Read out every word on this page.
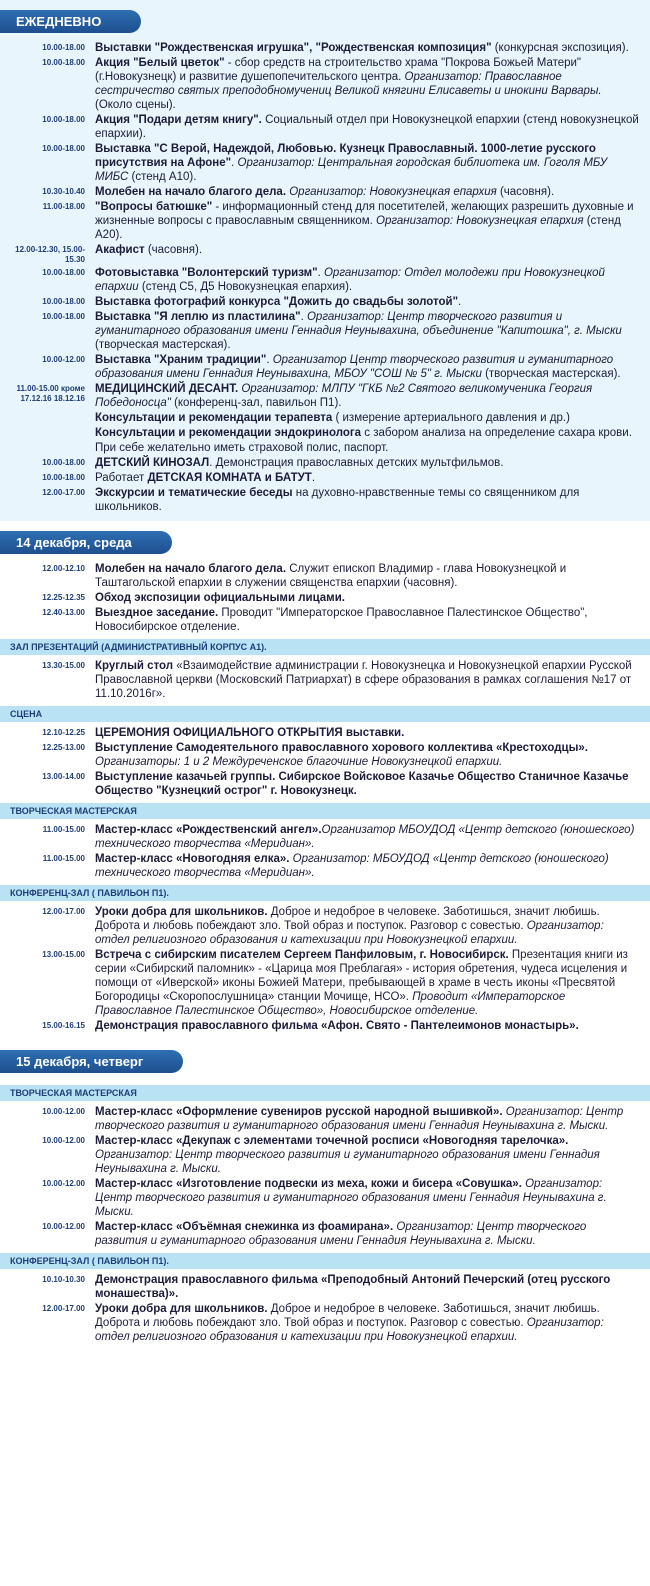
ЕЖЕДНЕВНО
10.00-18.00 Выставки "Рождественская игрушка", "Рождественская композиция" (конкурсная экспозиция).
10.00-18.00 Акция "Белый цветок" - сбор средств на строительство храма "Покрова Божьей Матери" (г.Новокузнецк) и развитие душепопечительского центра. Организатор: Православное сестричество святых преподобномучениц Великой княгини Елисаветы и инокини Варвары. (Около сцены).
10.00-18.00 Акция "Подари детям книгу". Социальный отдел при Новокузнецкой епархии (стенд новокузнецкой епархии).
10.00-18.00 Выставка "С Верой, Надеждой, Любовью. Кузнецк Православный. 1000-летие русского присутствия на Афоне". Организатор: Центральная городская библиотека им. Гоголя МБУ МИБС (стенд А10).
10.30-10.40 Молебен на начало благого дела. Организатор: Новокузнецкая епархия (часовня).
11.00-18.00 "Вопросы батюшке" - информационный стенд для посетителей, желающих разрешить духовные и жизненные вопросы с православным священником. Организатор: Новокузнецкая епархия (стенд А20).
12.00-12.30, 15.00-15.30
Акафист (часовня).
10.00-18.00 Фотовыставка "Волонтерский туризм". Организатор: Отдел молодежи при Новокузнецкой епархии (стенд С5, Д5 Новокузнецкая епархия).
10.00-18.00 Выставка фотографий конкурса "Дожить до свадьбы золотой".
10.00-18.00 Выставка "Я леплю из пластилина". Организатор: Центр творческого развития и гуманитарного образования имени Геннадия Неунывахина, объединение "Капитошка", г. Мыски (творческая мастерская).
10.00-12.00 Выставка "Храним традиции". Организатор Центр творческого развития и гуманитарного образования имени Геннадия Неунывахина, МБОУ "СОШ № 5" г. Мыски (творческая мастерская).
11.00-15.00 кроме 17.12.16 18.12.16
МЕДИЦИНСКИЙ ДЕСАНТ. Организатор: МЛПУ "ГКБ №2 Святого великомученика Георгия Победоносца" (конференц-зал, павильон П1).
Консультации и рекомендации терапевта ( измерение артериального давления и др.)
Консультации и рекомендации эндокринолога с забором анализа на определение сахара крови.
При себе желательно иметь страховой полис, паспорт.
10.00-18.00 ДЕТСКИЙ КИНОЗАЛ. Демонстрация православных детских мультфильмов.
10.00-18.00 Работает ДЕТСКАЯ КОМНАТА и БАТУТ.
12.00-17.00 Экскурсии и тематические беседы на духовно-нравственные темы со священником для школьников.
14 декабря, среда
12.00-12.10 Молебен на начало благого дела. Служит епископ Владимир - глава Новокузнецкой и Таштагольской епархии в служении священства епархии (часовня).
12.25-12.35 Обход экспозиции официальными лицами.
12.40-13.00 Выездное заседание. Проводит "Императорское Православное Палестинское Общество", Новосибирское отделение.
ЗАЛ ПРЕЗЕНТАЦИЙ (АДМИНИСТРАТИВНЫЙ КОРПУС А1).
13.30-15.00 Круглый стол «Взаимодействие администрации г. Новокузнецка и Новокузнецкой епархии Русской Православной церкви (Московский Патриархат) в сфере образования в рамках соглашения №17 от 11.10.2016г».
СЦЕНА
12.10-12.25 ЦЕРЕМОНИЯ ОФИЦИАЛЬНОГО ОТКРЫТИЯ выставки.
12.25-13.00 Выступление Самодеятельного православного хорового коллектива «Крестоходцы». Организаторы: 1 и 2 Междуреченское благочиние Новокузнецкой епархии.
13.00-14.00 Выступление казачьей группы. Сибирское Войсковое Казачье Общество Станичное Казачье Общество "Кузнецкий острог" г. Новокузнецк.
ТВОРЧЕСКАЯ МАСТЕРСКАЯ
11.00-15.00 Мастер-класс «Рождественский ангел».Организатор МБОУДОД «Центр детского (юношеского) технического творчества «Меридиан».
11.00-15.00 Мастер-класс «Новогодняя елка». Организатор: МБОУДОД «Центр детского (юношеского) технического творчества «Меридиан».
КОНФЕРЕНЦ-ЗАЛ ( ПАВИЛЬОН П1).
12.00-17.00 Уроки добра для школьников. Доброе и недоброе в человеке. Заботишься, значит любишь. Доброта и любовь побеждают зло. Твой образ и поступок. Разговор с совестью. Организатор: отдел религиозного образования и катехизации при Новокузнецкой епархии.
13.00-15.00 Встреча с сибирским писателем Сергеем Панфиловым, г. Новосибирск. Презентация книги из серии «Сибирский паломник» - «Царица моя Преблагая» - история обретения, чудеса исцеления и помощи от «Иверской» иконы Божией Матери, пребывающей в храме в честь иконы «Пресвятой Богородицы «Скоропослушница» станции Мочище, НСО». Проводит «Императорское Православное Палестинское Общество», Новосибирское отделение.
15.00-16.15 Демонстрация православного фильма «Афон. Свято - Пантелеимонов монастырь».
15 декабря, четверг
ТВОРЧЕСКАЯ МАСТЕРСКАЯ
10.00-12.00 Мастер-класс «Оформление сувениров русской народной вышивкой». Организатор: Центр творческого развития и гуманитарного образования имени Геннадия Неунывахина г. Мыски.
10.00-12.00 Мастер-класс «Декупаж с элементами точечной росписи «Новогодняя тарелочка». Организатор: Центр творческого развития и гуманитарного образования имени Геннадия Неунывахина г. Мыски.
10.00-12.00 Мастер-класс «Изготовление подвески из меха, кожи и бисера «Совушка». Организатор: Центр творческого развития и гуманитарного образования имени Геннадия Неунывахина г. Мыски.
10.00-12.00 Мастер-класс «Объёмная снежинка из фоамирана». Организатор: Центр творческого развития и гуманитарного образования имени Геннадия Неунывахина г. Мыски.
КОНФЕРЕНЦ-ЗАЛ ( ПАВИЛЬОН П1).
10.10-10.30 Демонстрация православного фильма «Преподобный Антоний Печерский (отец русского монашества)».
12.00-17.00 Уроки добра для школьников. Доброе и недоброе в человеке. Заботишься, значит любишь. Доброта и любовь побеждают зло. Твой образ и поступок. Разговор с совестью. Организатор: отдел религиозного образования и катехизации при Новокузнецкой епархии.
